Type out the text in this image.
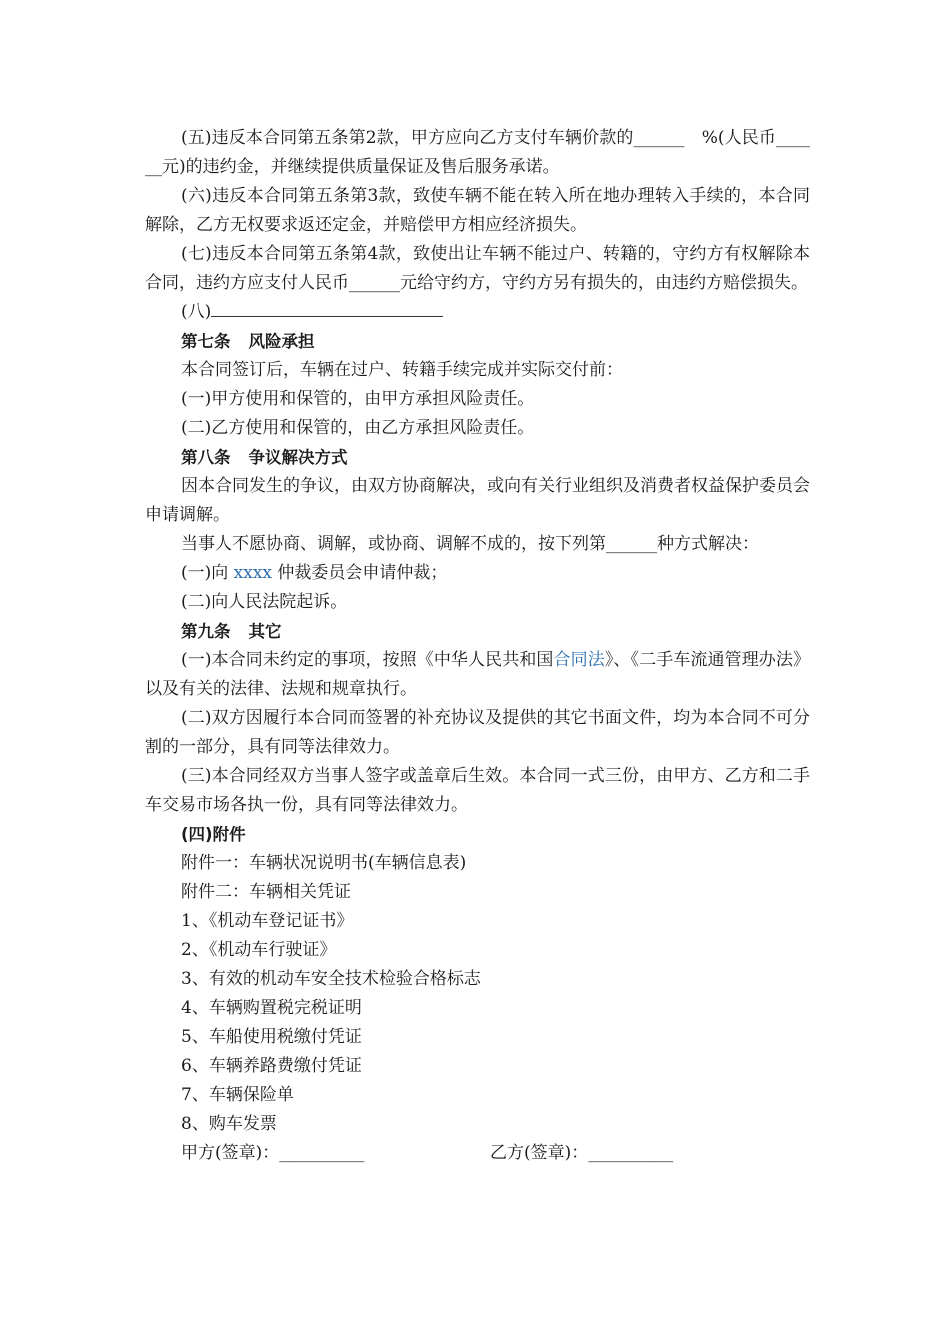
(五)违反本合同第五条第2款，甲方应向乙方支付车辆价款的______　%(人民币______元)的违约金，并继续提供质量保证及售后服务承诺。

(六)违反本合同第五条第3款，致使车辆不能在转入所在地办理转入手续的，本合同解除，乙方无权要求返还定金，并赔偿甲方相应经济损失。

(七)违反本合同第五条第4款，致使出让车辆不能过户、转籍的，守约方有权解除本合同，违约方应支付人民币______元给守约方，守约方另有损失的，由违约方赔偿损失。

(八)

第七条 风险承担

本合同签订后，车辆在过户、转籍手续完成并实际交付前：

(一)甲方使用和保管的，由甲方承担风险责任。

(二)乙方使用和保管的，由乙方承担风险责任。

第八条 争议解决方式

因本合同发生的争议，由双方协商解决，或向有关行业组织及消费者权益保护委员会申请调解。

当事人不愿协商、调解，或协商、调解不成的，按下列第______种方式解决：

(一)向 xxxx 仲裁委员会申请仲裁；

(二)向人民法院起诉。

第九条 其它

(一)本合同未约定的事项，按照《中华人民共和国合同法》、《二手车流通管理办法》以及有关的法律、法规和规章执行。

(二)双方因履行本合同而签署的补充协议及提供的其它书面文件，均为本合同不可分割的一部分，具有同等法律效力。

(三)本合同经双方当事人签字或盖章后生效。本合同一式三份，由甲方、乙方和二手车交易市场各执一份，具有同等法律效力。

(四)附件

附件一：车辆状况说明书(车辆信息表)

附件二：车辆相关凭证

1、《机动车登记证书》

2、《机动车行驶证》

3、有效的机动车安全技术检验合格标志

4、车辆购置税完税证明

5、车船使用税缴付凭证

6、车辆养路费缴付凭证

7、车辆保险单

8、购车发票

甲方(签章)：__________	乙方(签章)：__________
